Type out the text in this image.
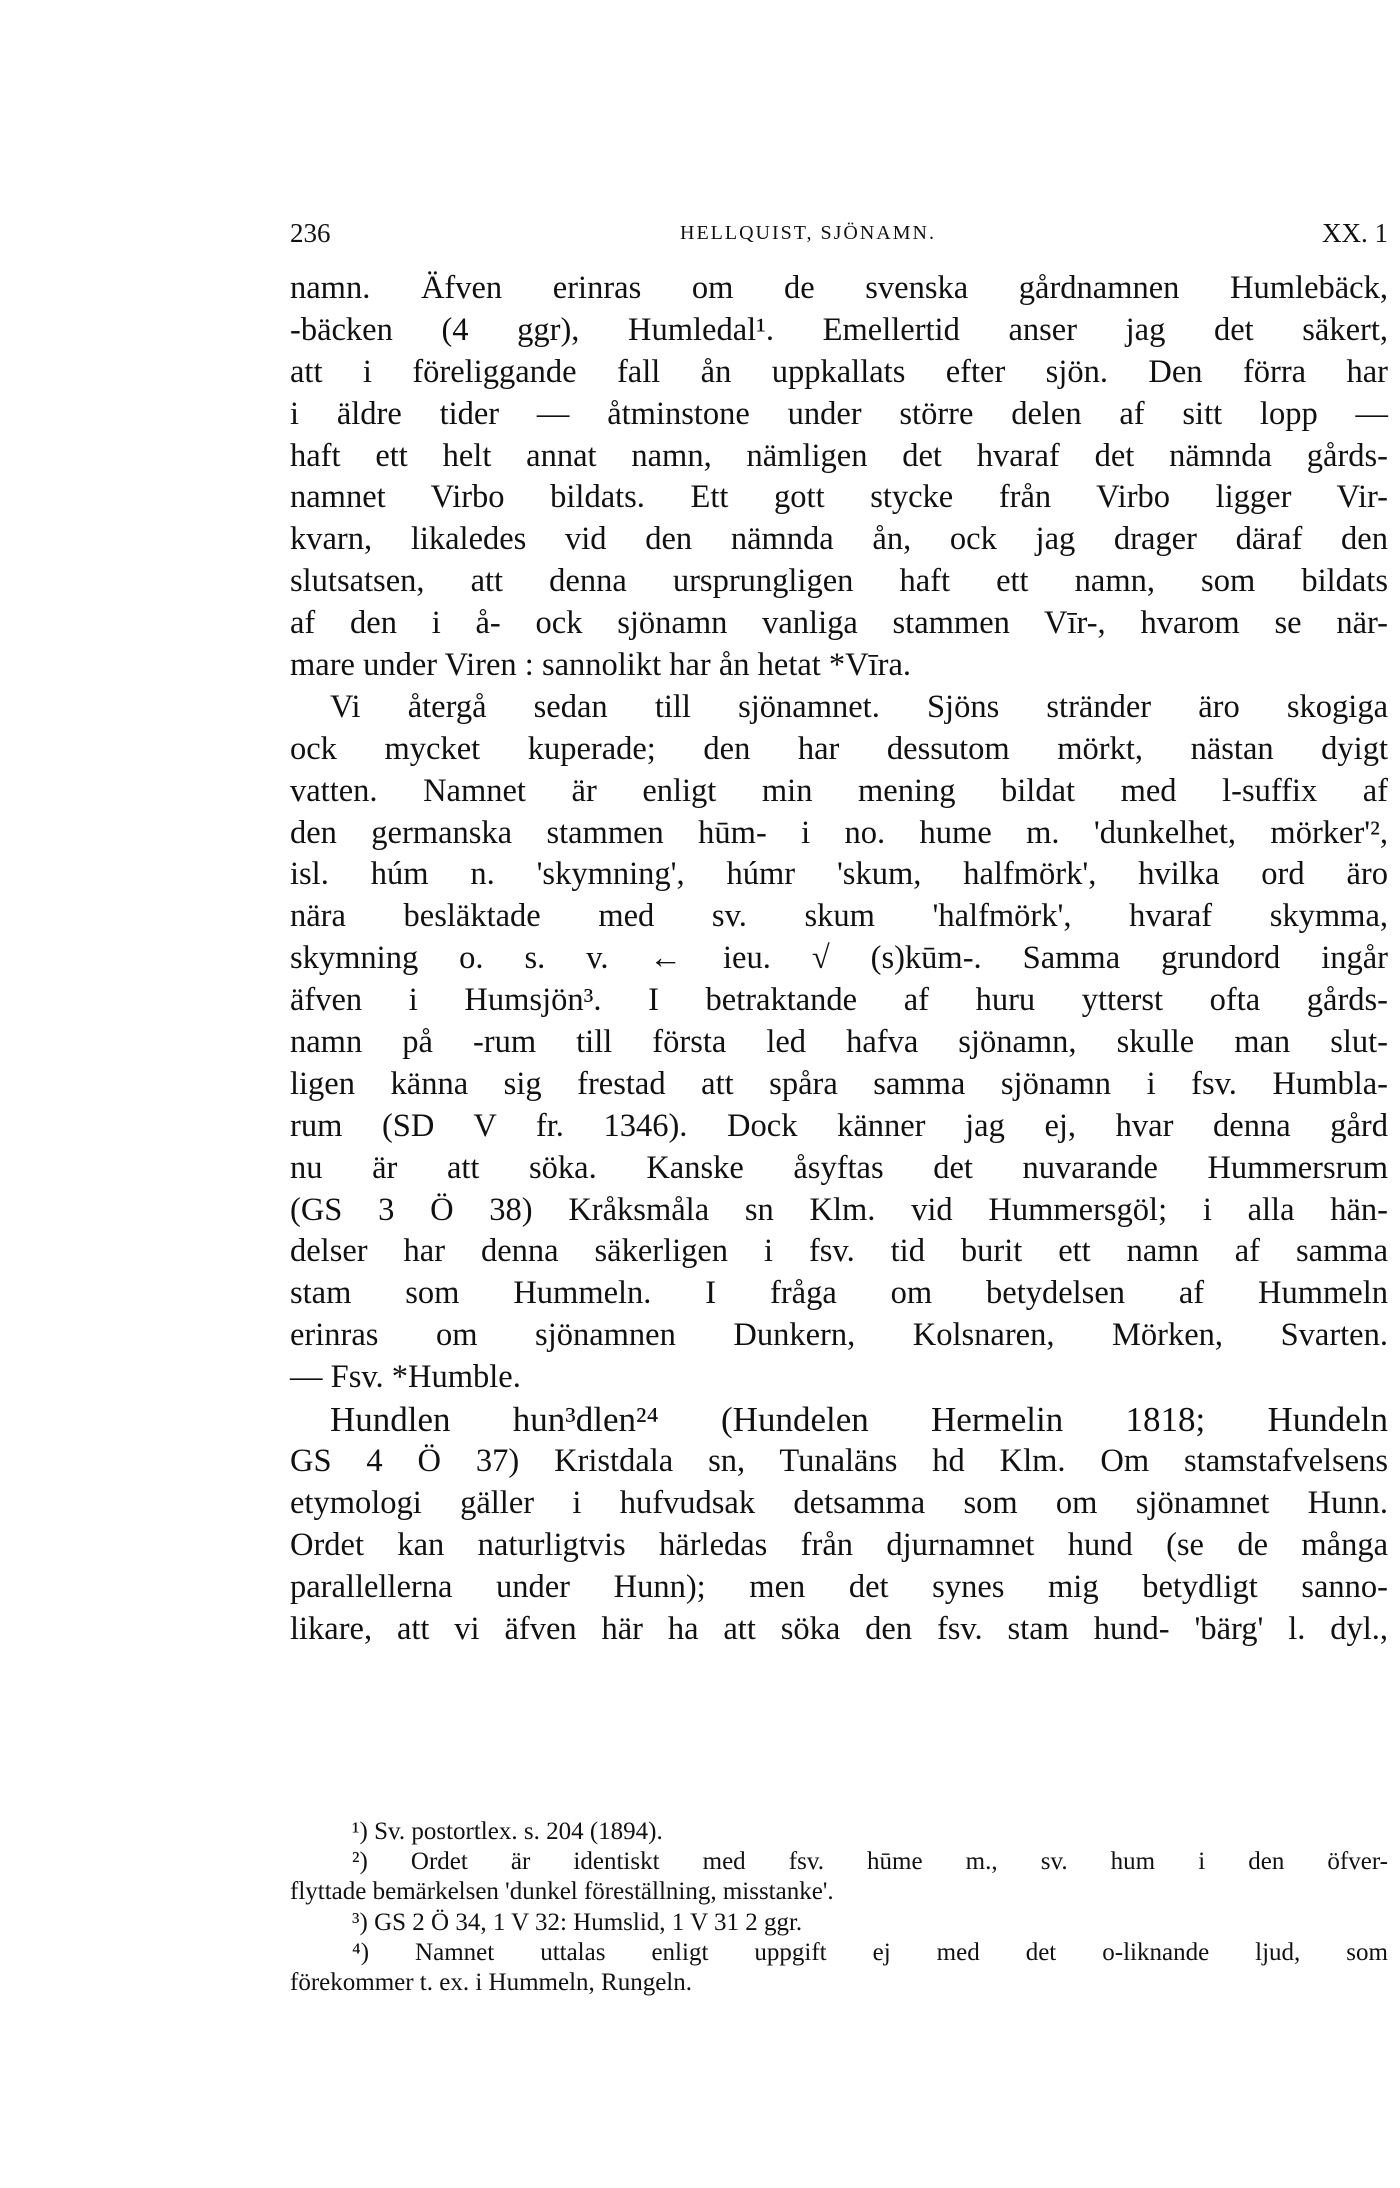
236	HELLQUIST, SJÖNAMN.	XX. 1
namn. Äfven erinras om de svenska gårdnamnen Humlebäck,
-bäcken (4 ggr), Humledal¹. Emellertid anser jag det säkert,
att i föreliggande fall ån uppkallats efter sjön. Den förra har
i äldre tider — åtminstone under större delen af sitt lopp —
haft ett helt annat namn, nämligen det hvaraf det nämnda gårds-
namnet Virbo bildats. Ett gott stycke från Virbo ligger Vir-
kvarn, likaledes vid den nämnda ån, ock jag drager däraf den
slutsatsen, att denna ursprungligen haft ett namn, som bildats
af den i å- ock sjönamn vanliga stammen Vīr-, hvarom se när-
mare under Viren : sannolikt har ån hetat *Vīra.
Vi återgå sedan till sjönamnet. Sjöns stränder äro skogiga
ock mycket kuperade; den har dessutom mörkt, nästan dyigt
vatten. Namnet är enligt min mening bildat med l-suffix af
den germanska stammen hūm- i no. hume m. 'dunkelhet, mörker'²,
isl. húm n. 'skymning', húmr 'skum, halfmörk', hvilka ord äro
nära besläktade med sv. skum 'halfmörk', hvaraf skymma,
skymning o. s. v. ← ieu. √ (s)kūm-. Samma grundord ingår
äfven i Humsjön³. I betraktande af huru ytterst ofta gårds-
namn på -rum till första led hafva sjönamn, skulle man slut-
ligen känna sig frestad att spåra samma sjönamn i fsv. Humbla-
rum (SD V fr. 1346). Dock känner jag ej, hvar denna gård
nu är att söka. Kanske åsyftas det nuvarande Hummersrum
(GS 3 Ö 38) Kråksmåla sn Klm. vid Hummersgöl; i alla hän-
delser har denna säkerligen i fsv. tid burit ett namn af samma
stam som Hummeln. I fråga om betydelsen af Hummeln
erinras om sjönamnen Dunkern, Kolsnaren, Mörken, Svarten.
— Fsv. *Humble.
Hundlen hun³dlen²⁴ (Hundelen Hermelin 1818; Hundeln
GS 4 Ö 37) Kristdala sn, Tunaläns hd Klm. Om stamstafvelsens
etymologi gäller i hufvudsak detsamma som om sjönamnet Hunn.
Ordet kan naturligtvis härledas från djurnamnet hund (se de många
parallellerna under Hunn); men det synes mig betydligt sanno-
likare, att vi äfven här ha att söka den fsv. stam hund- 'bärg' l. dyl.,
¹) Sv. postortlex. s. 204 (1894).
²) Ordet är identiskt med fsv. hūme m., sv. hum i den öfver-
flyttade bemärkelsen 'dunkel föreställning, misstanke'.
³) GS 2 Ö 34, 1 V 32: Humslid, 1 V 31 2 ggr.
⁴) Namnet uttalas enligt uppgift ej med det o-liknande ljud, som
förekommer t. ex. i Hummeln, Rungeln.
